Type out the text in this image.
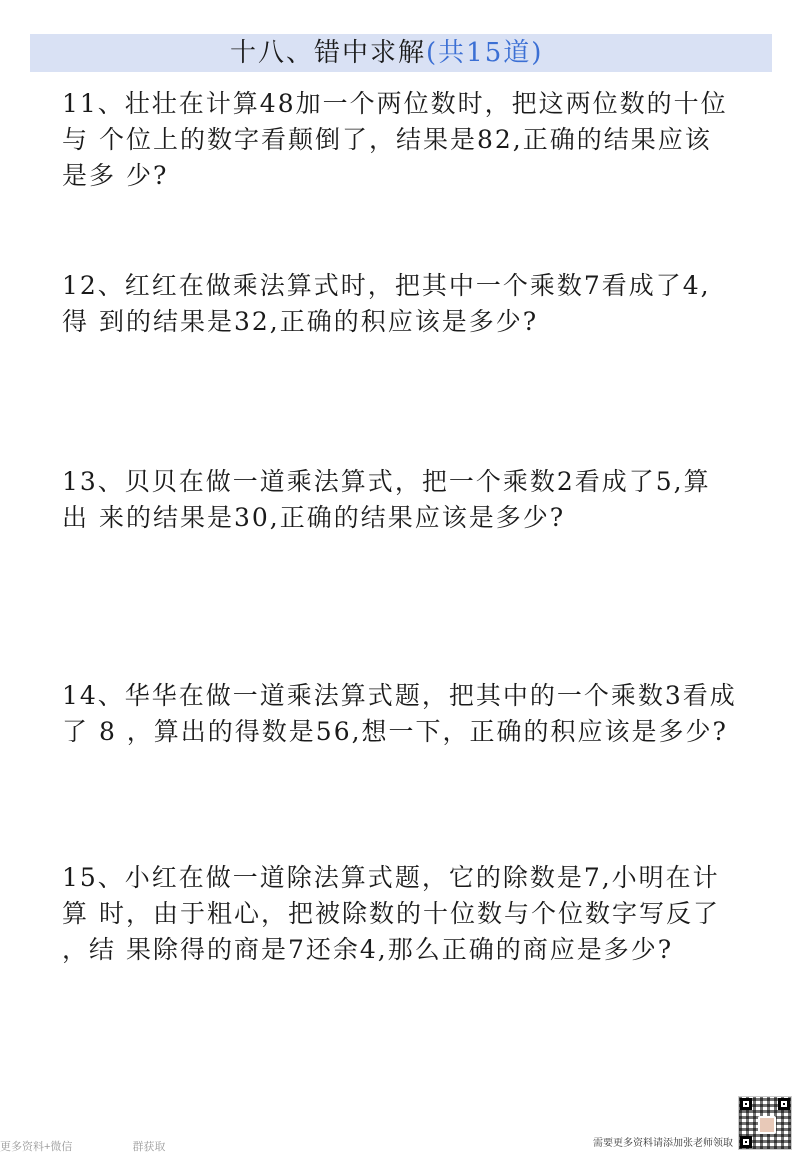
十八、错中求解(共15道)
11、壮壮在计算48加一个两位数时，把这两位数的十位
与 个位上的数字看颠倒了，结果是82,正确的结果应该
是多 少?
12、红红在做乘法算式时，把其中一个乘数7看成了4,
得 到的结果是32,正确的积应该是多少?
13、贝贝在做一道乘法算式，把一个乘数2看成了5,算
出 来的结果是30,正确的结果应该是多少?
14、华华在做一道乘法算式题，把其中的一个乘数3看成
了 8 ，算出的得数是56,想一下，正确的积应该是多少?
15、小红在做一道除法算式题，它的除数是7,小明在计
算 时，由于粗心，把被除数的十位数与个位数字写反了
，结 果除得的商是7还余4,那么正确的商应是多少?
更多资料+微信	群获取	需要更多资料请添加张老师领取
